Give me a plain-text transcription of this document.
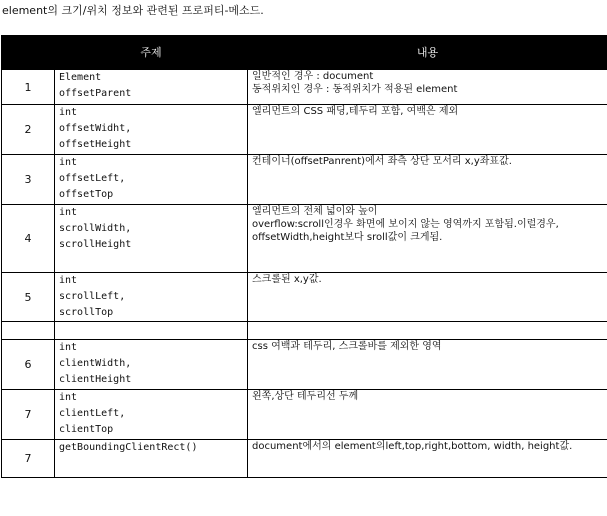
element의 크기/위치 정보와 관련된 프로퍼티-메소드.
	주제	내용
1	Element
offsetParent	일반적인 경우 : document
동적위치인 경우 : 동적위치가 적용된 element

2	int
offsetWidht,
offsetHeight	엘리먼트의 CSS 패딩,테두리 포함, 여백은 제외

3	int
offsetLeft,
offsetTop	컨테이너(offsetPanrent)에서 좌측 상단 모서리 x,y좌표값.

4	int
scrollWidth,
scrollHeight	엘리먼트의 전체 넓이와 높이
overflow:scroll인경우 화면에 보이지 않는 영역까지 포함됨.이럴경우,
offsetWidth,height보다 sroll값이 크게됨.

5	int
scrollLeft,
scrollTop	스크롤된 x,y값.

6	int
clientWidth,
clientHeight	css 여백과 테두리, 스크롤바를 제외한 영역

7	int
clientLeft,
clientTop	왼쪽,상단 테두리선 두께

7	getBoundingClientRect()	document에서의 element의left,top,right,bottom, width, height값.
